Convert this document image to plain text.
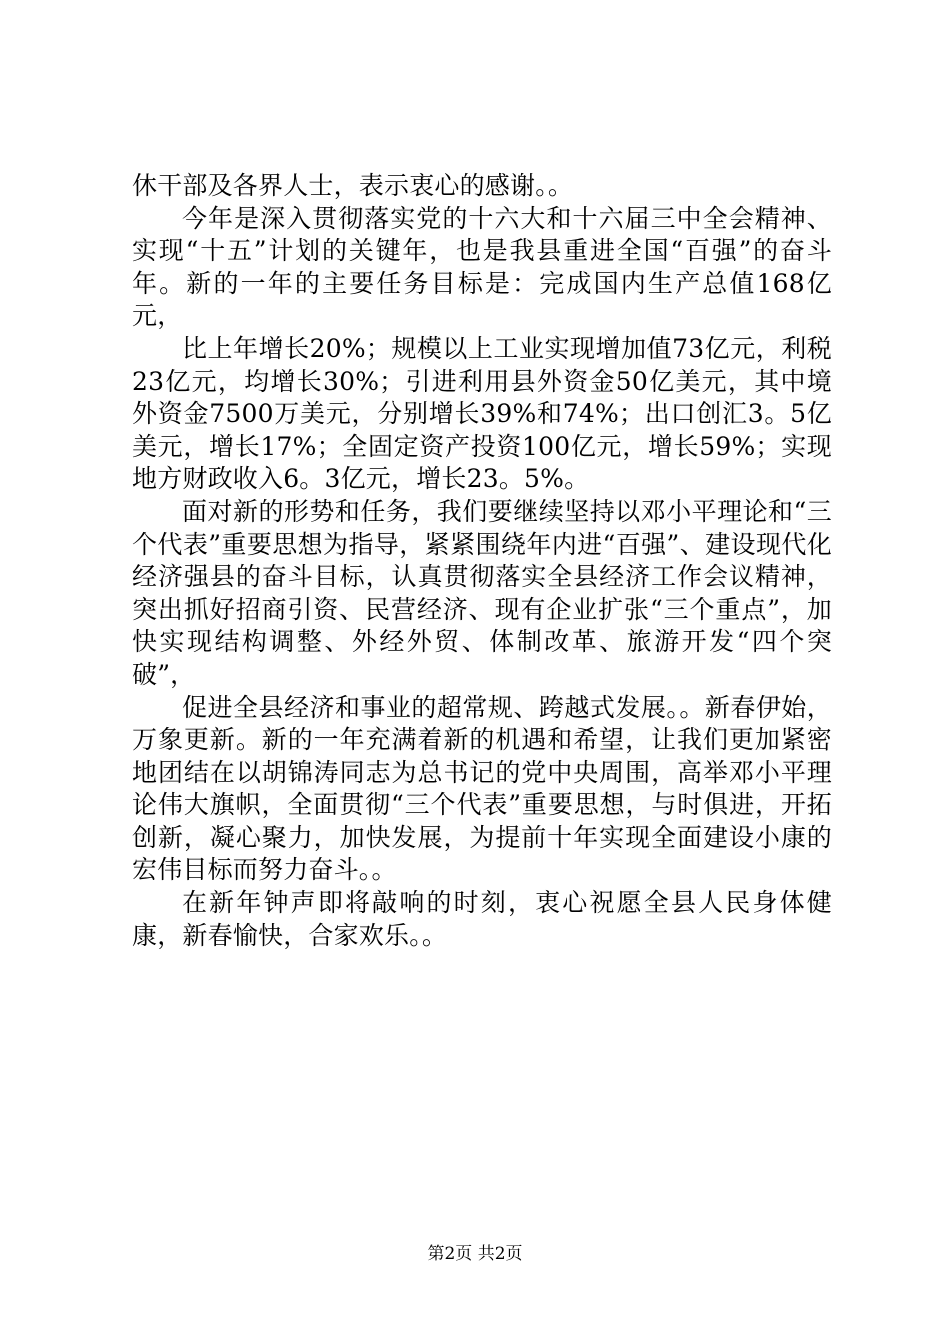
休干部及各界人士，表示衷心的感谢。。

今年是深入贯彻落实党的十六大和十六届三中全会精神、实现“十五”计划的关键年，也是我县重进全国“百强”的奋斗年。新的一年的主要任务目标是：完成国内生产总值168亿元，

比上年增长20%；规模以上工业实现增加值73亿元，利税23亿元，均增长30%；引进利用县外资金50亿美元，其中境外资金7500万美元，分别增长39%和74%；出口创汇3。5亿美元，增长17%；全固定资产投资100亿元，增长59%；实现地方财政收入6。3亿元，增长23。5%。

面对新的形势和任务，我们要继续坚持以邓小平理论和“三个代表”重要思想为指导，紧紧围绕年内进“百强”、建设现代化经济强县的奋斗目标，认真贯彻落实全县经济工作会议精神，突出抓好招商引资、民营经济、现有企业扩张“三个重点”，加快实现结构调整、外经外贸、体制改革、旅游开发“四个突破”，

促进全县经济和事业的超常规、跨越式发展。。新春伊始，万象更新。新的一年充满着新的机遇和希望，让我们更加紧密地团结在以胡锦涛同志为总书记的党中央周围，高举邓小平理论伟大旗帜，全面贯彻“三个代表”重要思想，与时俱进，开拓创新，凝心聚力，加快发展，为提前十年实现全面建设小康的宏伟目标而努力奋斗。。

在新年钟声即将敲响的时刻，衷心祝愿全县人民身体健康，新春愉快，合家欢乐。。

第2页 共2页
